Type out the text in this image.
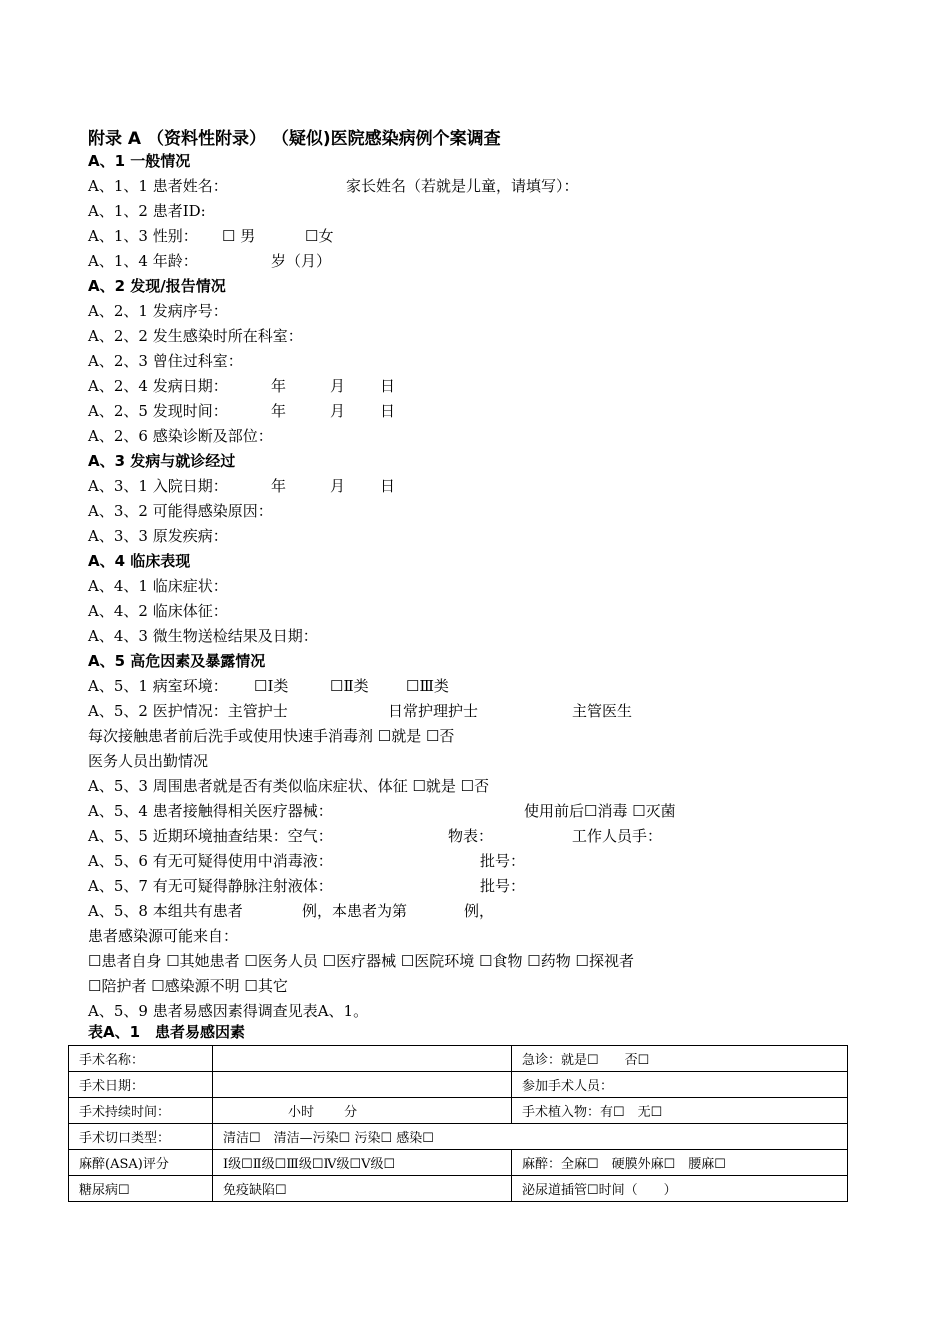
附录 A （资料性附录） （疑似)医院感染病例个案调查
A、1 一般情况
A、1、1 患者姓名：	家长姓名（若就是儿童，请填写）：
A、1、2 患者ID:
A、1、3 性别： ☐ 男	☐女
A、1、4 年龄：	岁（月）
A、2 发现/报告情况
A、2、1 发病序号：
A、2、2 发生感染时所在科室：
A、2、3 曾住过科室：
A、2、4 发病日期：	年	月 日
A、2、5 发现时间：	年	月 日
A、2、6 感染诊断及部位：
A、3 发病与就诊经过
A、3、1 入院日期：	年	月 日
A、3、2 可能得感染原因：
A、3、3 原发疾病：
A、4 临床表现
A、4、1 临床症状：
A、4、2 临床体征：
A、4、3 微生物送检结果及日期：
A、5 高危因素及暴露情况
A、5、1 病室环境： ☐Ⅰ类	☐Ⅱ类 ☐Ⅲ类
A、5、2 医护情况：主管护士	日常护理护士	主管医生
每次接触患者前后洗手或使用快速手消毒剂 ☐就是 ☐否
医务人员出勤情况
A、5、3 周围患者就是否有类似临床症状、体征 ☐就是 ☐否
A、5、4 患者接触得相关医疗器械：	使用前后☐消毒 ☐灭菌
A、5、5 近期环境抽查结果：空气：	物表：	工作人员手：
A、5、6 有无可疑得使用中消毒液：	批号：
A、5、7 有无可疑得静脉注射液体：	批号：
A、5、8 本组共有患者	例，本患者为第	例，
患者感染源可能来自：
☐患者自身 ☐其她患者 ☐医务人员 ☐医疗器械 ☐医院环境 ☐食物 ☐药物 ☐探视者
☐陪护者 ☐感染源不明 ☐其它
A、5、9 患者易感因素得调查见表A、1。
表A、1　患者易感因素
手术名称：		急诊：就是☐　　否☐
手术日期：		参加手术人员：
手术持续时间：	　　　　　小时　　 分	手术植入物：有☐　无☐
手术切口类型：	清洁☐　清洁—污染☐ 污染☐ 感染☐	
麻醉(ASA)评分	I级☐Ⅱ级☐Ⅲ级☐Ⅳ级☐Ⅴ级☐	麻醉：全麻☐　硬膜外麻☐　腰麻☐
糖尿病☐	免疫缺陷☐	泌尿道插管☐时间（　　）
